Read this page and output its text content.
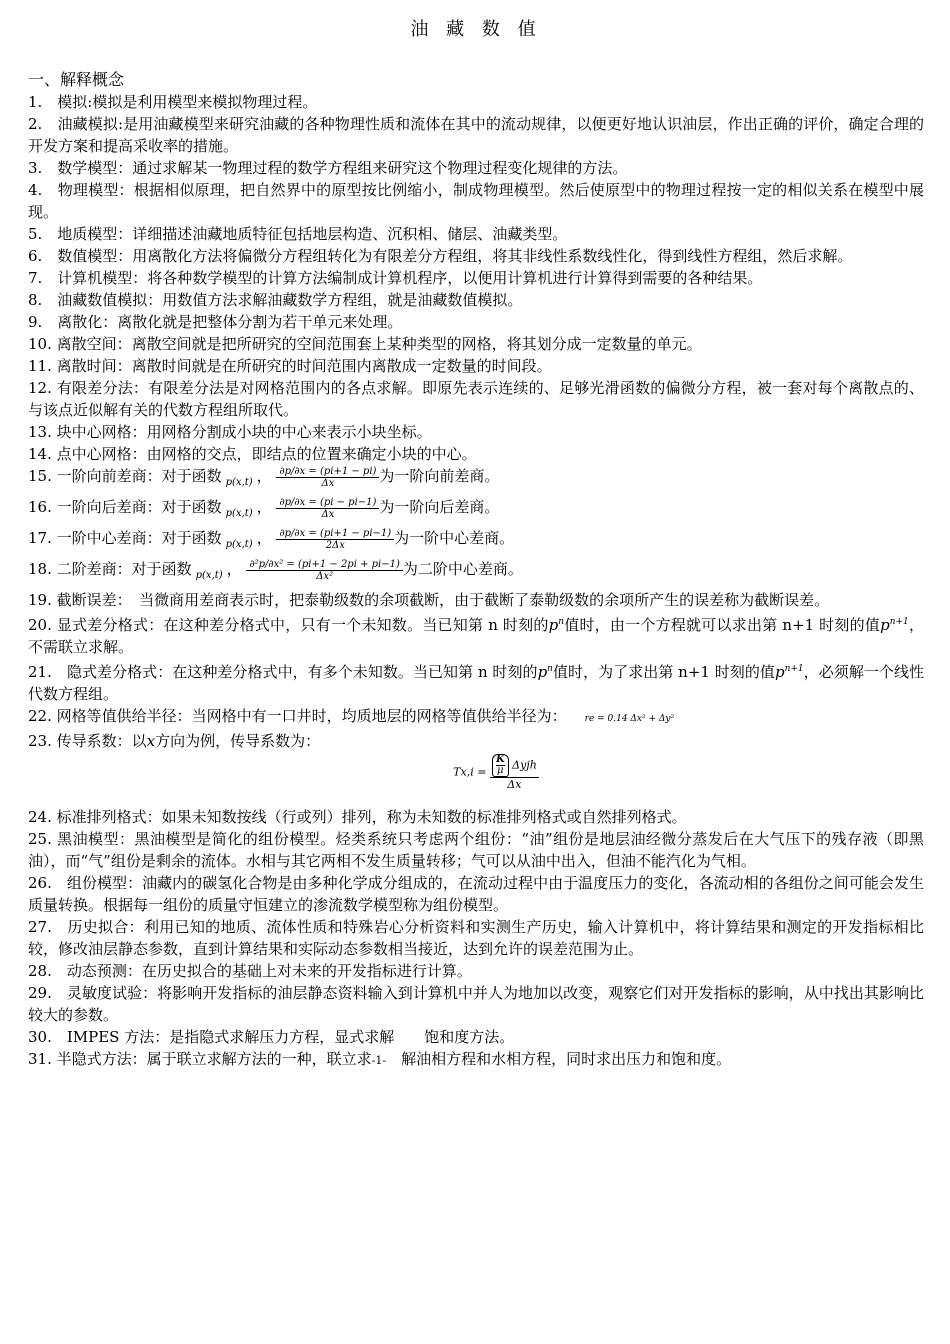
油 藏 数 值
一、解释概念

1.　模拟:模拟是利用模型来模拟物理过程。

2.　油藏模拟:是用油藏模型来研究油藏的各种物理性质和流体在其中的流动规律，以便更好地认识油层，作出正确的评价，确定合理的开发方案和提高采收率的措施。

3.　数学模型：通过求解某一物理过程的数学方程组来研究这个物理过程变化规律的方法。

4.　物理模型：根据相似原理，把自然界中的原型按比例缩小，制成物理模型。然后使原型中的物理过程按一定的相似关系在模型中展现。

5.　地质模型：详细描述油藏地质特征包括地层构造、沉积相、储层、油藏类型。

6.　数值模型：用离散化方法将偏微分方程组转化为有限差分方程组，将其非线性系数线性化，得到线性方程组，然后求解。

7.　计算机模型：将各种数学模型的计算方法编制成计算机程序，以便用计算机进行计算得到需要的各种结果。

8.　油藏数值模拟：用数值方法求解油藏数学方程组，就是油藏数值模拟。

9.　离散化：离散化就是把整体分割为若干单元来处理。

10. 离散空间：离散空间就是把所研究的空间范围套上某种类型的网格，将其划分成一定数量的单元。

11. 离散时间：离散时间就是在所研究的时间范围内离散成一定数量的时间段。

12. 有限差分法：有限差分法是对网格范围内的各点求解。即原先表示连续的、足够光滑函数的偏微分方程，被一套对每个离散点的、与该点近似解有关的代数方程组所取代。

13. 块中心网格：用网格分割成小块的中心来表示小块坐标。

14. 点中心网格：由网格的交点，即结点的位置来确定小块的中心。

15. 一阶向前差商：对于函数 $_{p(x,t)}$ ， $\frac{\partial p/\partial x = (pi+1 - pi)}{\Delta x}$ 为一阶向前差商。

16. 一阶向后差商：对于函数 $_{p(x,t)}$ ， $\frac{\partial p/\partial x = (pi - pi-1)}{\Delta x}$ 为一阶向后差商。

17. 一阶中心差商：对于函数 $_{p(x,t)}$ ， $\frac{\partial p/\partial x = (pi+1 - pi-1)}{2\Delta x}$ 为一阶中心差商。

18. 二阶差商：对于函数 $_{p(x,t)}$ ， $\frac{\text{∂²p/∂x² = (pi+1 − 2pi + pi−1)}}{\text{Δx²}}$ 为二阶中心差商。

19. 截断误差：　当微商用差商表示时，把泰勒级数的余项截断，由于截断了泰勒级数的余项所产生的误差称为截断误差。

20. 显式差分格式：在这种差分格式中，只有一个未知数。当已知第 n 时刻的$p^n$值时，由一个方程就可以求出第 n+1 时刻的值$p^{n+1}$，不需联立求解。

21.　隐式差分格式：在这种差分格式中，有多个未知数。当已知第 n 时刻的$p^n$值时，为了求出第 n+1 时刻的值$p^{n+1}$，必须解一个线性代数方程组。

22. 网格等值供给半径：当网格中有一口井时，均质地层的网格等值供给半径为： re = 0.14 Δx² + Δy²

23. 传导系数：以x方向为例，传导系数为：

$Tx,i = \frac{K}{\mu}$ Δyjh
Δx

24. 标准排列格式：如果未知数按线（行或列）排列，称为未知数的标准排列格式或自然排列格式。

25. 黑油模型：黑油模型是简化的组份模型。烃类系统只考虑两个组份：“油”组份是地层油经微分蒸发后在大气压下的残存液（即黑油），而“气”组份是剩余的流体。水相与其它两相不发生质量转移；气可以从油中出入，但油不能汽化为气相。

26.　组份模型：油藏内的碳氢化合物是由多种化学成分组成的，在流动过程中由于温度压力的变化，各流动相的各组份之间可能会发生质量转换。根据每一组份的质量守恒建立的渗流数学模型称为组份模型。

27.　历史拟合：利用已知的地质、流体性质和特殊岩心分析资料和实测生产历史，输入计算机中，将计算结果和测定的开发指标相比较，修改油层静态参数，直到计算结果和实际动态参数相当接近，达到允许的误差范围为止。

28.　动态预测：在历史拟合的基础上对未来的开发指标进行计算。

29.　灵敏度试验：将影响开发指标的油层静态资料输入到计算机中并人为地加以改变，观察它们对开发指标的影响，从中找出其影响比较大的参数。

30.　IMPES 方法：是指隐式求解压力方程，显式求解　　饱和度方法。

31. 半隐式方法：属于联立求解方法的一种，联立求-1-　解油相方程和水相方程，同时求出压力和饱和度。
